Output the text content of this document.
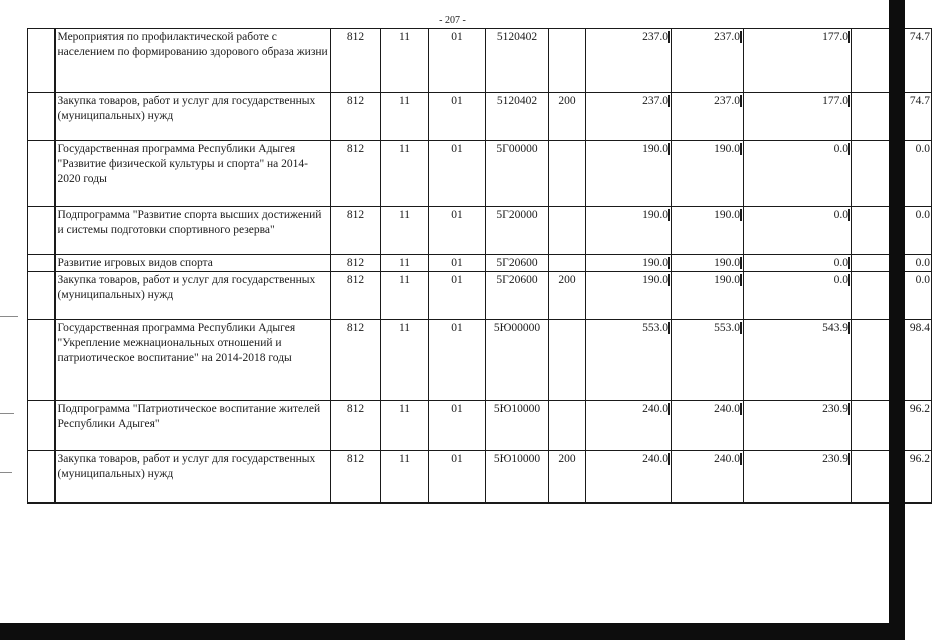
- 207 -
	Мероприятия по профилактической работе с населением по формированию здорового образа жизни	812	11	01	5120402		237.0	237.0	177.0	74.7
	Закупка товаров, работ и услуг для государственных (муниципальных) нужд	812	11	01	5120402	200	237.0	237.0	177.0	74.7
	Государственная программа Республики Адыгея "Развитие физической культуры и спорта" на 2014-2020 годы	812	11	01	5Г00000		190.0	190.0	0.0	0.0
	Подпрограмма "Развитие спорта высших достижений и системы подготовки спортивного резерва"	812	11	01	5Г20000		190.0	190.0	0.0	0.0
	Развитие игровых видов спорта	812	11	01	5Г20600		190.0	190.0	0.0	0.0
	Закупка товаров, работ и услуг для государственных (муниципальных) нужд	812	11	01	5Г20600	200	190.0	190.0	0.0	0.0
	Государственная программа Республики Адыгея "Укрепление межнациональных отношений и патриотическое воспитание" на 2014-2018 годы	812	11	01	5Ю00000		553.0	553.0	543.9	98.4
	Подпрограмма "Патриотическое воспитание жителей Республики Адыгея"	812	11	01	5Ю10000		240.0	240.0	230.9	96.2
	Закупка товаров, работ и услуг для государственных (муниципальных) нужд	812	11	01	5Ю10000	200	240.0	240.0	230.9	96.2
